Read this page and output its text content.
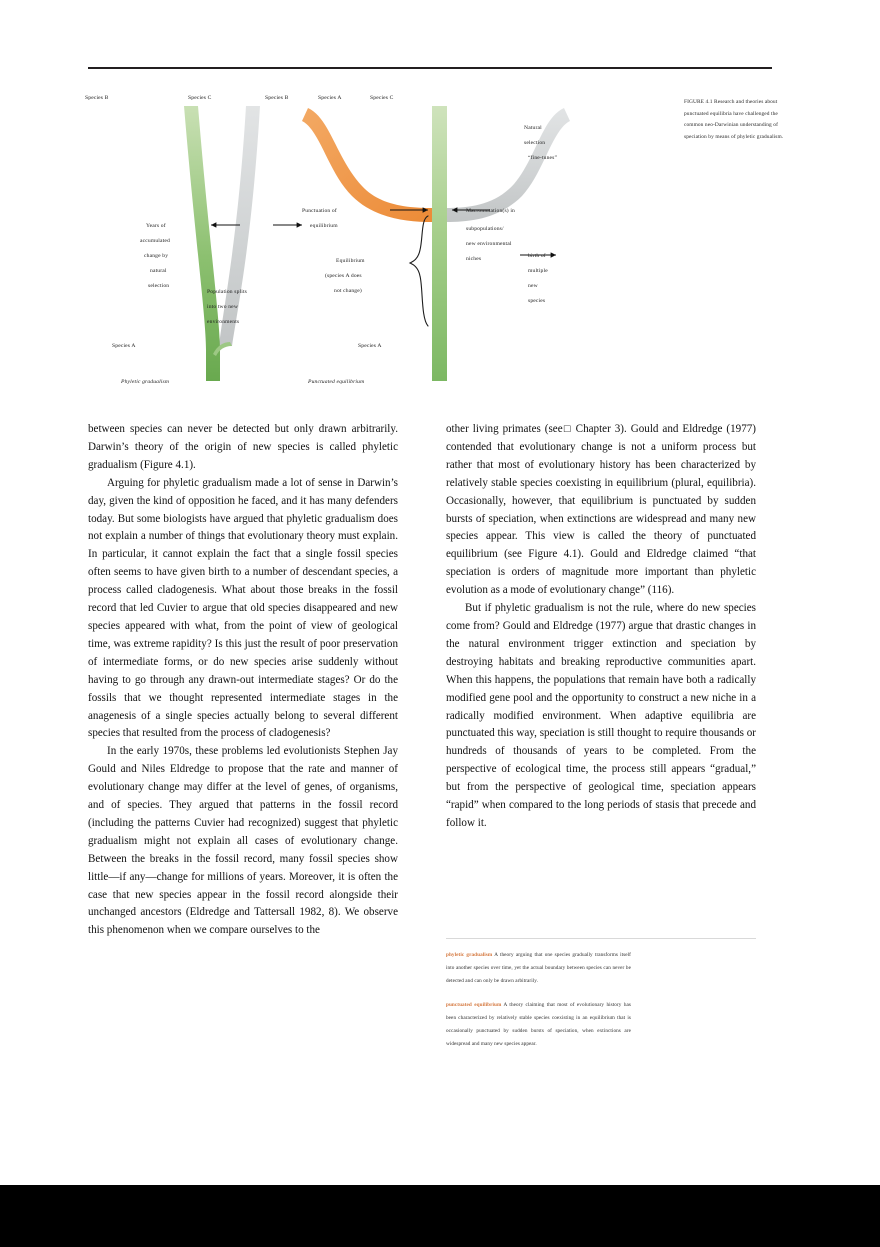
Species B	Species C
Species A
Phyletic gradualism
Years of
accumulated
change by
natural
selection
Population splits
into two new
environments
Species B	Species A	Species C
Species A
Punctuated equilibrium
Punctuation of
equilibrium
Equilibrium
(species A does
not change)
Macromutation(s) in
subpopulations/
new environmental
niches	birth of
multiple
new
species
Natural
selection
“fine-tunes”
FIGURE 4.1 Research and theories about punctuated equilibria have challenged the common neo-Darwinian understanding of speciation by means of phyletic gradualism.

between species can never be detected but only drawn arbitrarily. Darwin’s theory of the origin of new species is called phyletic gradualism (Figure 4.1).

Arguing for phyletic gradualism made a lot of sense in Darwin’s day, given the kind of opposition he faced, and it has many defenders today. But some biologists have argued that phyletic gradualism does not explain a number of things that evolutionary theory must explain. In particular, it cannot explain the fact that a single fossil species often seems to have given birth to a number of descendant species, a process called cladogenesis. What about those breaks in the fossil record that led Cuvier to argue that old species disappeared and new species appeared with what, from the point of view of geological time, was extreme rapidity? Is this just the result of poor preservation of intermediate forms, or do new species arise suddenly without having to go through any drawn-out intermediate stages? Or do the fossils that we thought represented intermediate stages in the anagenesis of a single species actually belong to several different species that resulted from the process of cladogenesis?

In the early 1970s, these problems led evolutionists Stephen Jay Gould and Niles Eldredge to propose that the rate and manner of evolutionary change may differ at the level of genes, of organisms, and of species. They argued that patterns in the fossil record (including the patterns Cuvier had recognized) suggest that phyletic gradualism might not explain all cases of evolutionary change. Between the breaks in the fossil record, many fossil species show little—if any—change for millions of years. Moreover, it is often the case that new species appear in the fossil record alongside their unchanged ancestors (Eldredge and Tattersall 1982, 8). We observe this phenomenon when we compare ourselves to the

other living primates (see□ Chapter 3). Gould and Eldredge (1977) contended that evolutionary change is not a uniform process but rather that most of evolutionary history has been characterized by relatively stable species coexisting in equilibrium (plural, equilibria). Occasionally, however, that equilibrium is punctuated by sudden bursts of speciation, when extinctions are widespread and many new species appear. This view is called the theory of punctuated equilibrium (see Figure 4.1). Gould and Eldredge claimed “that speciation is orders of magnitude more important than phyletic evolution as a mode of evolutionary change” (116).

But if phyletic gradualism is not the rule, where do new species come from? Gould and Eldredge (1977) argue that drastic changes in the natural environment trigger extinction and speciation by destroying habitats and breaking reproductive communities apart. When this happens, the populations that remain have both a radically modified gene pool and the opportunity to construct a new niche in a radically modified environment. When adaptive equilibria are punctuated this way, speciation is still thought to require thousands or hundreds of thousands of years to be completed. From the perspective of ecological time, the process still appears “gradual,” but from the perspective of geological time, speciation appears “rapid” when compared to the long periods of stasis that precede and follow it.

phyletic gradualism A theory arguing that one species gradually transforms itself into another species over time, yet the actual boundary between species can never be detected and can only be drawn arbitrarily.

punctuated equilibrium A theory claiming that most of evolutionary history has been characterized by relatively stable species coexisting in an equilibrium that is occasionally punctuated by sudden bursts of speciation, when extinctions are widespread and many new species appear.
